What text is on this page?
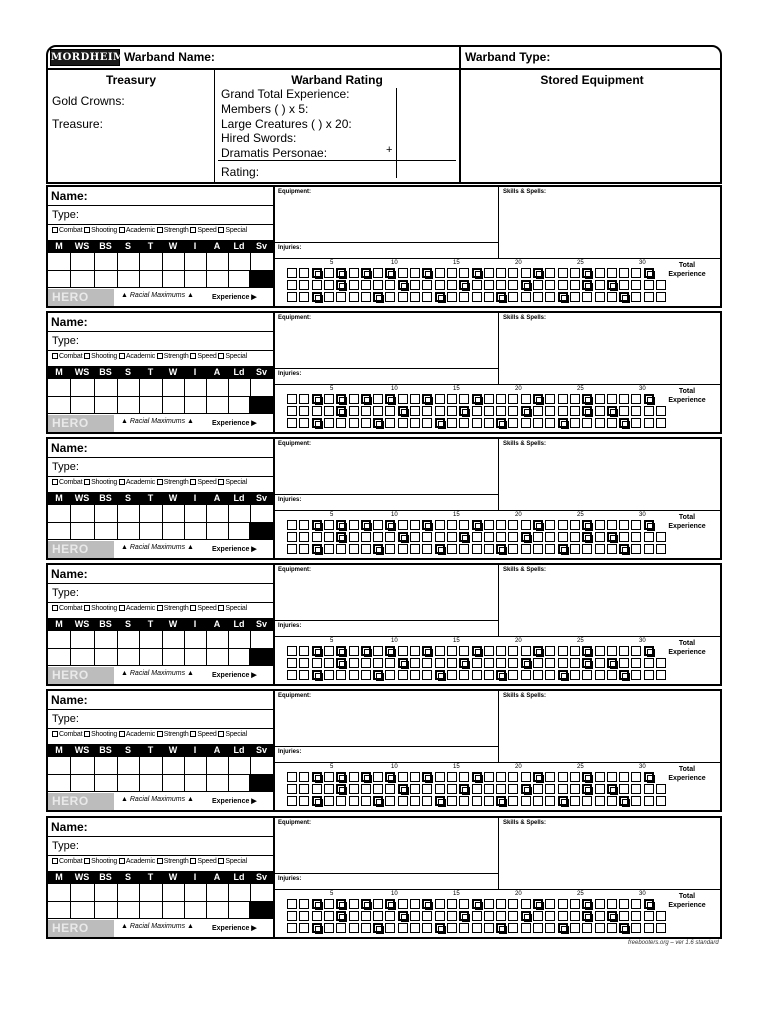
MORDHEIM Warband Name:	Warband Type:
Treasury
Gold Crowns:
Treasure:
Warband Rating
Grand Total Experience:
Members ( ) x 5:
Large Creatures ( ) x 20:
Hired Swords:
Dramatis Personae:	+
Rating:
Stored Equipment
Name:
Type:
Combat Shooting Academic Strength Speed Special
M	WS	BS	S	T	W	I	A	Ld	Sv
HERO	▲ Racial Maximums ▲	Experience ▶
Equipment:	Skills & Spells:
Injuries:
5	10	15	20	25	30	Total
Experience
Name:
Type:
Combat Shooting Academic Strength Speed Special
M	WS	BS	S	T	W	I	A	Ld	Sv
HERO	▲ Racial Maximums ▲	Experience ▶
Equipment:	Skills & Spells:
Injuries:
5	10	15	20	25	30	Total
Experience
Name:
Type:
Combat Shooting Academic Strength Speed Special
M	WS	BS	S	T	W	I	A	Ld	Sv
HERO	▲ Racial Maximums ▲	Experience ▶
Equipment:	Skills & Spells:
Injuries:
5	10	15	20	25	30	Total
Experience
Name:
Type:
Combat Shooting Academic Strength Speed Special
M	WS	BS	S	T	W	I	A	Ld	Sv
HERO	▲ Racial Maximums ▲	Experience ▶
Equipment:	Skills & Spells:
Injuries:
5	10	15	20	25	30	Total
Experience
Name:
Type:
Combat Shooting Academic Strength Speed Special
M	WS	BS	S	T	W	I	A	Ld	Sv
HERO	▲ Racial Maximums ▲	Experience ▶
Equipment:	Skills & Spells:
Injuries:
5	10	15	20	25	30	Total
Experience
Name:
Type:
Combat Shooting Academic Strength Speed Special
M	WS	BS	S	T	W	I	A	Ld	Sv
HERO	▲ Racial Maximums ▲	Experience ▶
Equipment:	Skills & Spells:
Injuries:
5	10	15	20	25	30	Total
Experience
freebooters.org – ver 1.6 standard
